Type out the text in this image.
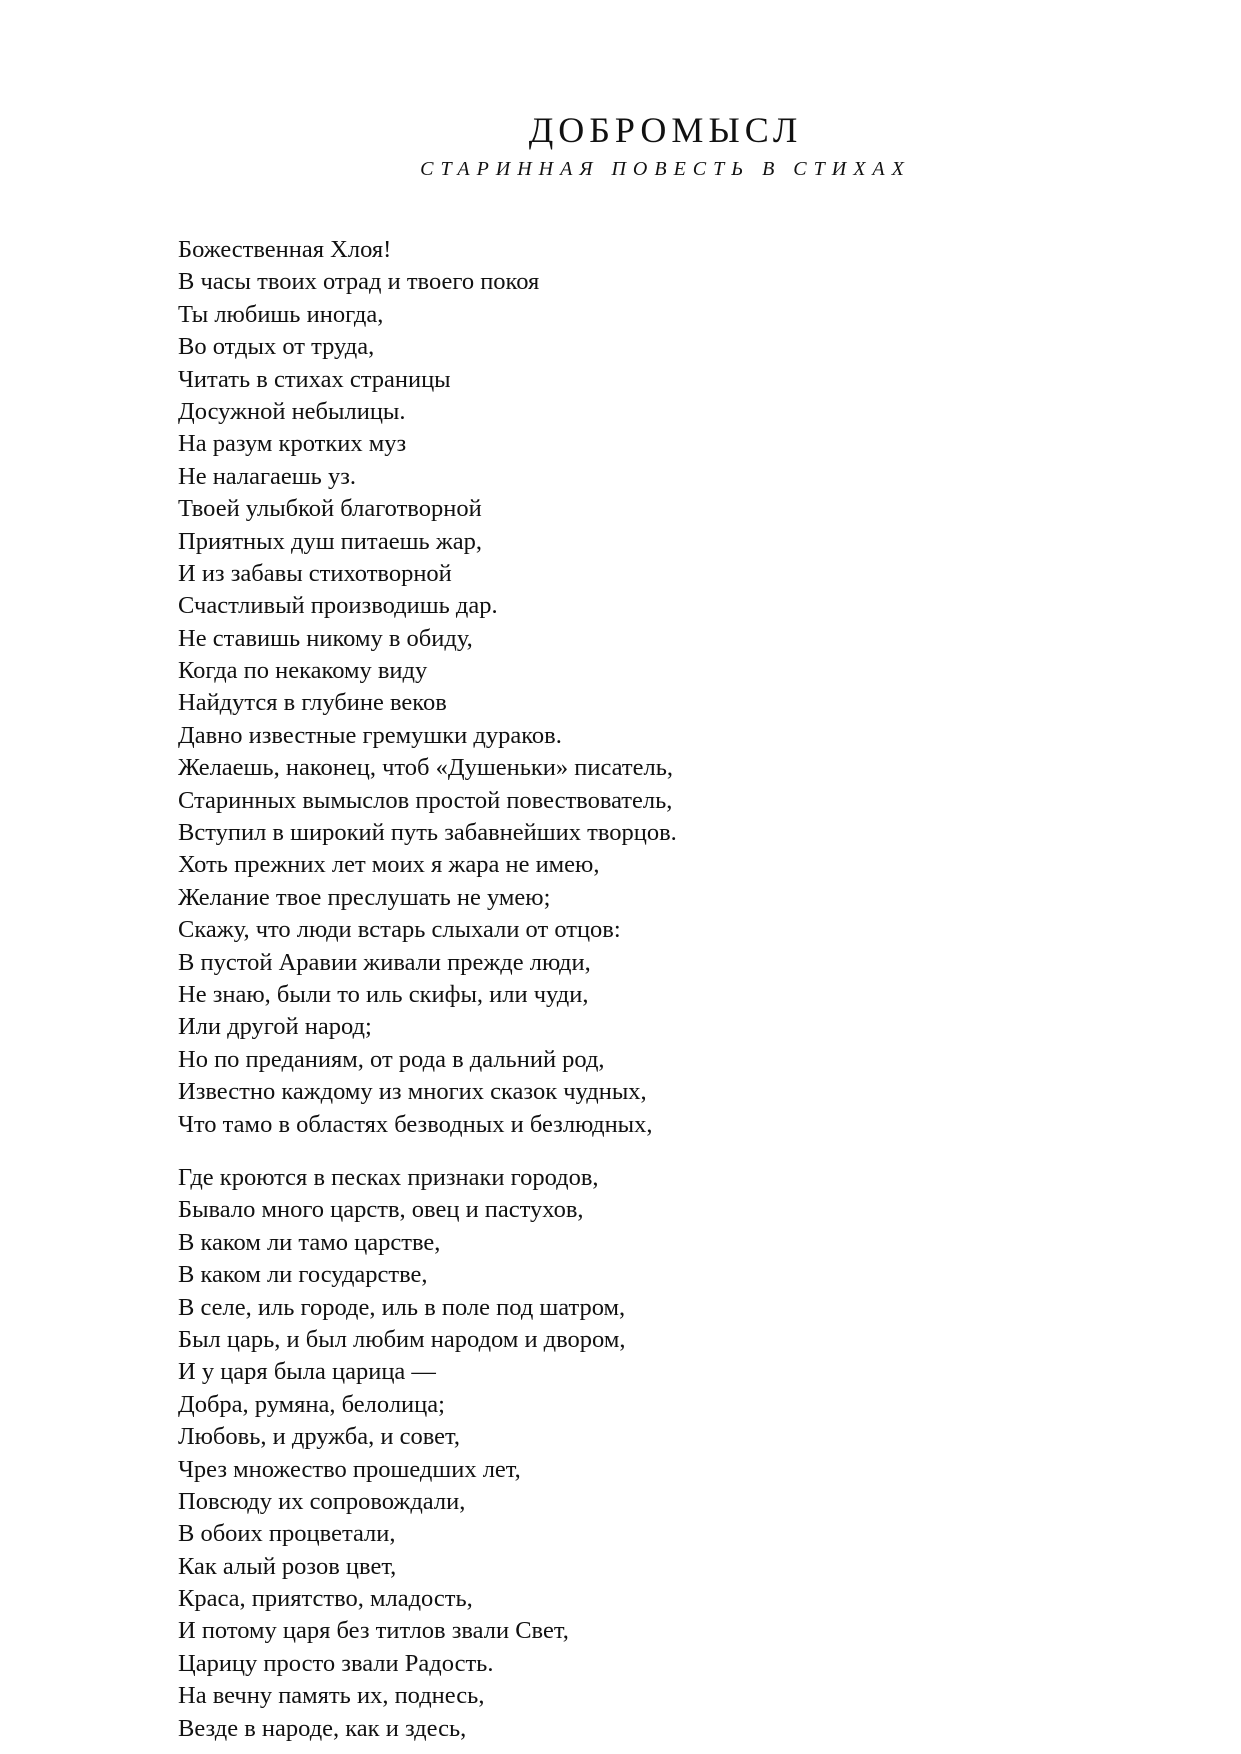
ДОБРОМЫСЛ
СТАРИННАЯ ПОВЕСТЬ В СТИХАХ
Божественная Хлоя!
В часы твоих отрад и твоего покоя
Ты любишь иногда,
Во отдых от труда,
Читать в стихах страницы
Досужной небылицы.
На разум кротких муз
Не налагаешь уз.
Твоей улыбкой благотворной
Приятных душ питаешь жар,
И из забавы стихотворной
Счастливый производишь дар.
Не ставишь никому в обиду,
Когда по некакому виду
Найдутся в глубине веков
Давно известные гремушки дураков.
Желаешь, наконец, чтоб «Душеньки» писатель,
Старинных вымыслов простой повествователь,
Вступил в широкий путь забавнейших творцов.
Хоть прежних лет моих я жара не имею,
Желание твое преслушать не умею;
Скажу, что люди встарь слыхали от отцов:
В пустой Аравии живали прежде люди,
Не знаю, были то иль скифы, или чуди,
Или другой народ;
Но по преданиям, от рода в дальний род,
Известно каждому из многих сказок чудных,
Что тамо в областях безводных и безлюдных,
Где кроются в песках признаки городов,
Бывало много царств, овец и пастухов,
В каком ли тамо царстве,
В каком ли государстве,
В селе, иль городе, иль в поле под шатром,
Был царь, и был любим народом и двором,
И у царя была царица —
Добра, румяна, белолица;
Любовь, и дружба, и совет,
Чрез множество прошедших лет,
Повсюду их сопровождали,
В обоих процветали,
Как алый розов цвет,
Краса, приятство, младость,
И потому царя без титлов звали Свет,
Царицу просто звали Радость.
На вечну память их, поднесь,
Везде в народе, как и здесь,
